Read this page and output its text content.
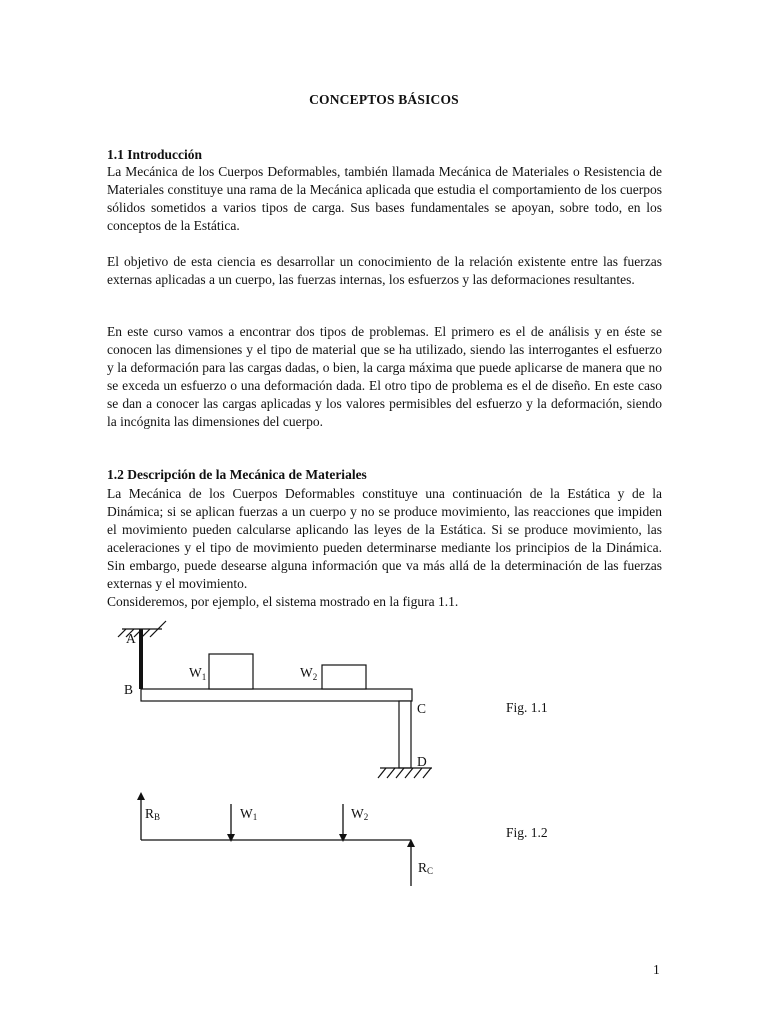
CONCEPTOS BÁSICOS
1.1 Introducción
La Mecánica de los Cuerpos Deformables, también llamada Mecánica de Materiales o Resistencia de Materiales constituye una rama de la Mecánica aplicada que estudia el comportamiento de los cuerpos sólidos sometidos a varios tipos de carga. Sus bases fundamentales se apoyan, sobre todo, en los conceptos de la Estática.
El objetivo de esta ciencia es desarrollar un conocimiento de la relación existente entre las fuerzas externas aplicadas a un cuerpo, las fuerzas internas, los esfuerzos y las deformaciones resultantes.
En este curso vamos a encontrar dos tipos de problemas. El primero es el de análisis y en éste se conocen las dimensiones y el tipo de material que se ha utilizado, siendo las interrogantes el esfuerzo y la deformación para las cargas dadas, o bien, la carga máxima que puede aplicarse de manera que no se exceda un esfuerzo o una deformación dada. El otro tipo de problema es el de diseño. En este caso se dan a conocer las cargas aplicadas y los valores permisibles del esfuerzo y la deformación, siendo la incógnita las dimensiones del cuerpo.
1.2 Descripción de la Mecánica de Materiales
La Mecánica de los Cuerpos Deformables constituye una continuación de la Estática y de la Dinámica; si se aplican fuerzas a un cuerpo y no se produce movimiento, las reacciones que impiden el movimiento pueden calcularse aplicando las leyes de la Estática. Si se produce movimiento, las aceleraciones y el tipo de movimiento pueden determinarse mediante los principios de la Dinámica. Sin embargo, puede desearse alguna información que va más allá de la determinación de las fuerzas externas y el movimiento.
Consideremos, por ejemplo, el sistema mostrado en la figura 1.1.
A
B
C
D
$W_1$	$W_2$
RB	W1	W2
RC
Fig. 1.1
Fig. 1.2
1
